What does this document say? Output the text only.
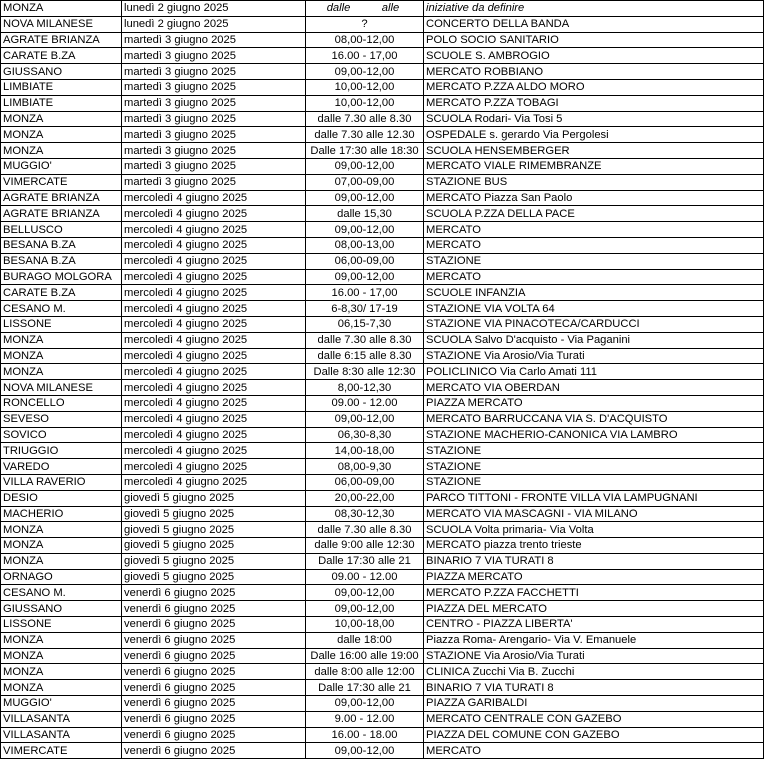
MONZA	lunedì 2 giugno 2025	dalle alle	iniziative da definire
NOVA MILANESE	lunedì 2 giugno 2025	?	CONCERTO DELLA BANDA
AGRATE BRIANZA	martedì 3 giugno 2025	08,00-12,00	POLO SOCIO SANITARIO
CARATE B.ZA	martedì 3 giugno 2025	16.00 - 17,00	SCUOLE S. AMBROGIO
GIUSSANO	martedì 3 giugno 2025	09,00-12,00	MERCATO ROBBIANO
LIMBIATE	martedì 3 giugno 2025	10,00-12,00	MERCATO P.ZZA ALDO MORO
LIMBIATE	martedì 3 giugno 2025	10,00-12,00	MERCATO P.ZZA TOBAGI
MONZA	martedì 3 giugno 2025	dalle 7.30 alle 8.30	SCUOLA Rodari- Via Tosi 5
MONZA	martedì 3 giugno 2025	dalle 7.30 alle 12.30	OSPEDALE s. gerardo Via Pergolesi
MONZA	martedì 3 giugno 2025	Dalle 17:30 alle 18:30	SCUOLA HENSEMBERGER
MUGGIO'	martedì 3 giugno 2025	09,00-12,00	MERCATO VIALE RIMEMBRANZE
VIMERCATE	martedì 3 giugno 2025	07,00-09,00	STAZIONE BUS
AGRATE BRIANZA	mercoledì 4 giugno 2025	09,00-12,00	MERCATO Piazza San Paolo
AGRATE BRIANZA	mercoledì 4 giugno 2025	dalle 15,30	SCUOLA P.ZZA DELLA PACE
BELLUSCO	mercoledì 4 giugno 2025	09,00-12,00	MERCATO
BESANA B.ZA	mercoledì 4 giugno 2025	08,00-13,00	MERCATO
BESANA B.ZA	mercoledì 4 giugno 2025	06,00-09,00	STAZIONE
BURAGO MOLGORA	mercoledì 4 giugno 2025	09,00-12,00	MERCATO
CARATE B.ZA	mercoledì 4 giugno 2025	16.00 - 17,00	SCUOLE INFANZIA
CESANO M.	mercoledì 4 giugno 2025	6-8,30/ 17-19	STAZIONE VIA VOLTA 64
LISSONE	mercoledì 4 giugno 2025	06,15-7,30	STAZIONE VIA PINACOTECA/CARDUCCI
MONZA	mercoledì 4 giugno 2025	dalle 7.30 alle 8.30	SCUOLA Salvo D'acquisto - Via Paganini
MONZA	mercoledì 4 giugno 2025	dalle 6:15 alle 8.30	STAZIONE Via Arosio/Via Turati
MONZA	mercoledì 4 giugno 2025	Dalle 8:30 alle 12:30	POLICLINICO Via Carlo Amati 111
NOVA MILANESE	mercoledì 4 giugno 2025	8,00-12,30	MERCATO VIA OBERDAN
RONCELLO	mercoledì 4 giugno 2025	09.00 - 12.00	PIAZZA MERCATO
SEVESO	mercoledì 4 giugno 2025	09,00-12,00	MERCATO BARRUCCANA VIA S. D'ACQUISTO
SOVICO	mercoledì 4 giugno 2025	06,30-8,30	STAZIONE MACHERIO-CANONICA VIA LAMBRO
TRIUGGIO	mercoledì 4 giugno 2025	14,00-18,00	STAZIONE
VAREDO	mercoledì 4 giugno 2025	08,00-9,30	STAZIONE
VILLA RAVERIO	mercoledì 4 giugno 2025	06,00-09,00	STAZIONE
DESIO	giovedì 5 giugno 2025	20,00-22,00	PARCO TITTONI - FRONTE VILLA VIA LAMPUGNANI
MACHERIO	giovedì 5 giugno 2025	08,30-12,30	MERCATO VIA MASCAGNI - VIA MILANO
MONZA	giovedì 5 giugno 2025	dalle 7.30 alle 8.30	SCUOLA Volta primaria- Via Volta
MONZA	giovedì 5 giugno 2025	dalle 9:00 alle 12:30	MERCATO piazza trento trieste
MONZA	giovedì 5 giugno 2025	Dalle 17:30 alle 21	BINARIO 7 VIA TURATI 8
ORNAGO	giovedì 5 giugno 2025	09.00 - 12.00	PIAZZA MERCATO
CESANO M.	venerdì 6 giugno 2025	09,00-12,00	MERCATO P.ZZA FACCHETTI
GIUSSANO	venerdì 6 giugno 2025	09,00-12,00	PIAZZA DEL MERCATO
LISSONE	venerdì 6 giugno 2025	10,00-18,00	CENTRO - PIAZZA LIBERTA'
MONZA	venerdì 6 giugno 2025	dalle 18:00	Piazza Roma- Arengario- Via V. Emanuele
MONZA	venerdì 6 giugno 2025	Dalle 16:00 alle 19:00	STAZIONE Via Arosio/Via Turati
MONZA	venerdì 6 giugno 2025	dalle 8:00 alle 12:00	CLINICA Zucchi Via B. Zucchi
MONZA	venerdì 6 giugno 2025	Dalle 17:30 alle 21	BINARIO 7 VIA TURATI 8
MUGGIO'	venerdì 6 giugno 2025	09,00-12,00	PIAZZA GARIBALDI
VILLASANTA	venerdì 6 giugno 2025	9.00 - 12.00	MERCATO CENTRALE CON GAZEBO
VILLASANTA	venerdì 6 giugno 2025	16.00 - 18.00	PIAZZA DEL COMUNE CON GAZEBO
VIMERCATE	venerdì 6 giugno 2025	09,00-12,00	MERCATO
